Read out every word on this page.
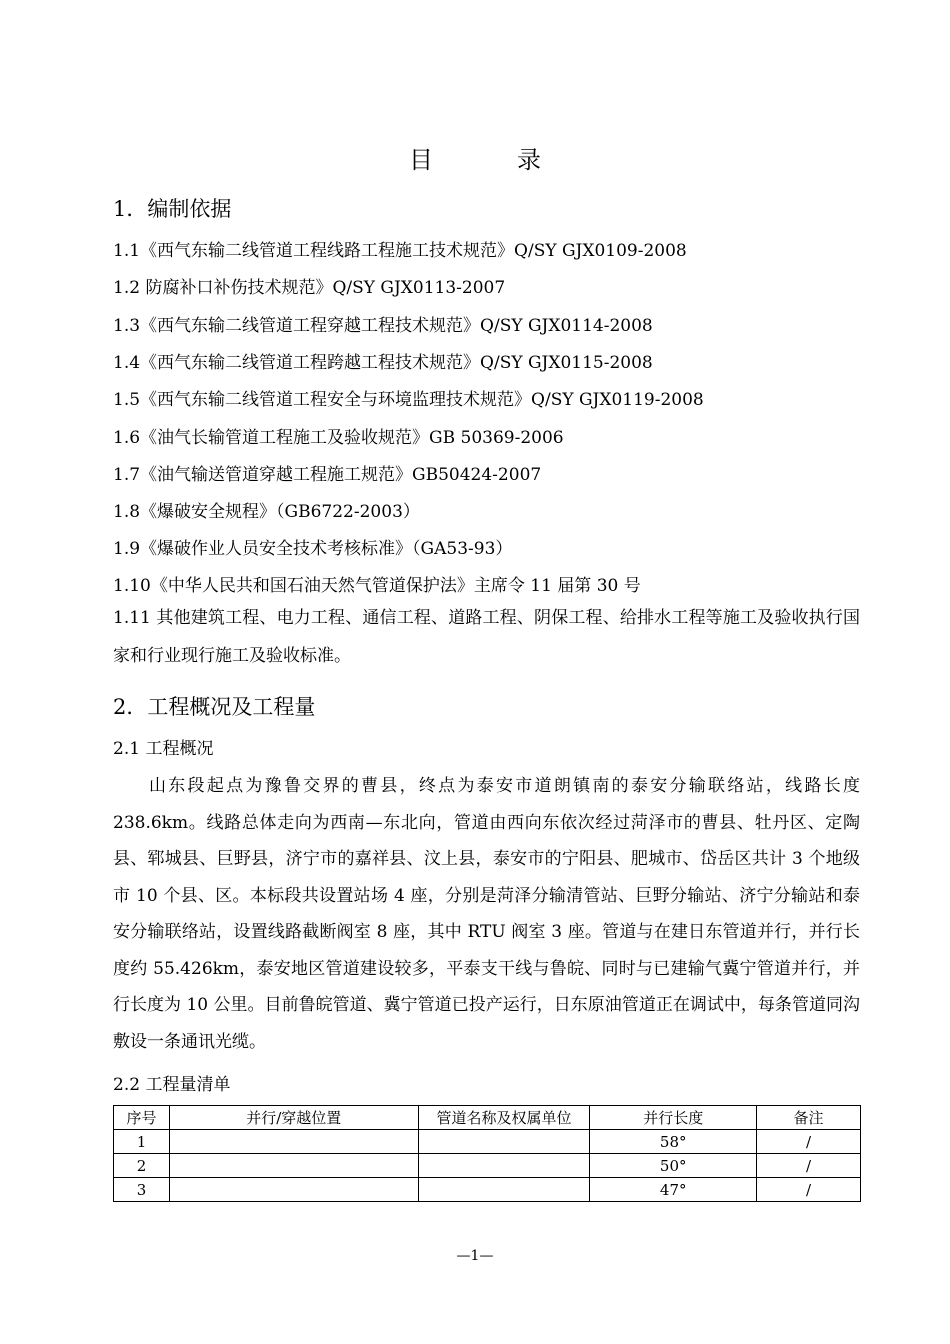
目　录
1．编制依据
1.1《西气东输二线管道工程线路工程施工技术规范》Q/SY GJX0109-2008
1.2 防腐补口补伤技术规范》Q/SY GJX0113-2007
1.3《西气东输二线管道工程穿越工程技术规范》Q/SY GJX0114-2008
1.4《西气东输二线管道工程跨越工程技术规范》Q/SY GJX0115-2008
1.5《西气东输二线管道工程安全与环境监理技术规范》Q/SY GJX0119-2008
1.6《油气长输管道工程施工及验收规范》GB 50369-2006
1.7《油气输送管道穿越工程施工规范》GB50424-2007
1.8《爆破安全规程》（GB6722-2003）
1.9《爆破作业人员安全技术考核标准》（GA53-93）
1.10《中华人民共和国石油天然气管道保护法》主席令 11 届第 30 号
1.11 其他建筑工程、电力工程、通信工程、道路工程、阴保工程、给排水工程等施工及验收执行国家和行业现行施工及验收标准。
2．工程概况及工程量
2.1 工程概况
山东段起点为豫鲁交界的曹县，终点为泰安市道朗镇南的泰安分输联络站，线路长度 238.6km。线路总体走向为西南—东北向，管道由西向东依次经过菏泽市的曹县、牡丹区、定陶县、郓城县、巨野县，济宁市的嘉祥县、汶上县，泰安市的宁阳县、肥城市、岱岳区共计 3 个地级市 10 个县、区。本标段共设置站场 4 座，分别是菏泽分输清管站、巨野分输站、济宁分输站和泰安分输联络站，设置线路截断阀室 8 座，其中 RTU 阀室 3 座。管道与在建日东管道并行，并行长度约 55.426km，泰安地区管道建设较多，平泰支干线与鲁皖、同时与已建输气冀宁管道并行，并行长度为 10 公里。目前鲁皖管道、冀宁管道已投产运行，日东原油管道正在调试中，每条管道同沟敷设一条通讯光缆。
2.2 工程量清单
序号	并行/穿越位置	管道名称及权属单位	并行长度	备注
1			58°	/
2			50°	/
3			47°	/
—1—
